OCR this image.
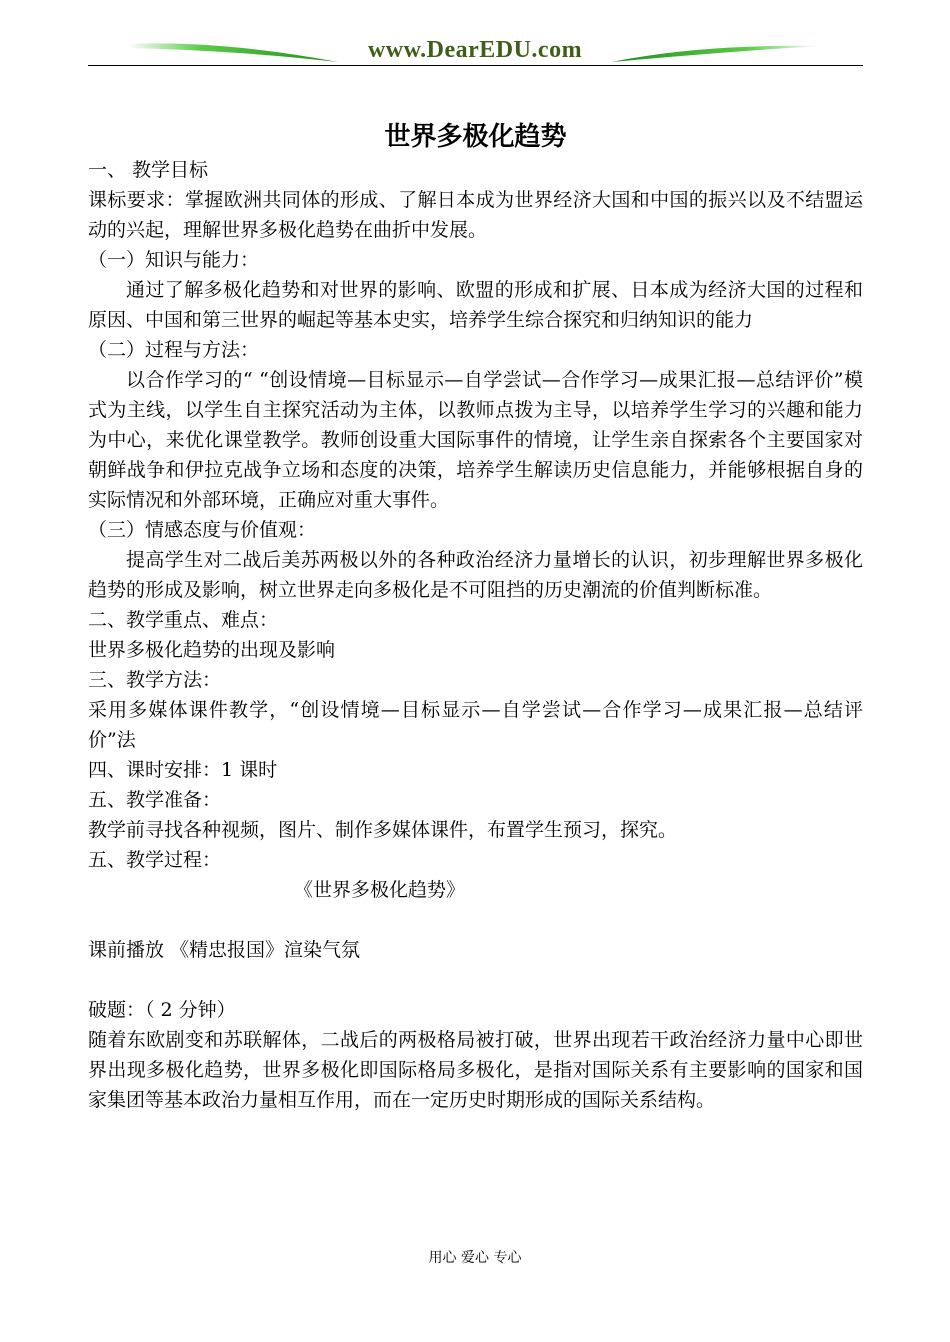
www.DearEDU.com
世界多极化趋势

一、 教学目标

课标要求：掌握欧洲共同体的形成、了解日本成为世界经济大国和中国的振兴以及不结盟运动的兴起，理解世界多极化趋势在曲折中发展。

（一）知识与能力：

通过了解多极化趋势和对世界的影响、欧盟的形成和扩展、日本成为经济大国的过程和原因、中国和第三世界的崛起等基本史实，培养学生综合探究和归纳知识的能力

（二）过程与方法：

以合作学习的“ “创设情境—目标显示—自学尝试—合作学习—成果汇报—总结评价”模式为主线，以学生自主探究活动为主体，以教师点拨为主导，以培养学生学习的兴趣和能力为中心，来优化课堂教学。教师创设重大国际事件的情境，让学生亲自探索各个主要国家对朝鲜战争和伊拉克战争立场和态度的决策，培养学生解读历史信息能力，并能够根据自身的实际情况和外部环境，正确应对重大事件。

（三）情感态度与价值观：

提高学生对二战后美苏两极以外的各种政治经济力量增长的认识，初步理解世界多极化趋势的形成及影响，树立世界走向多极化是不可阻挡的历史潮流的价值判断标准。

二、教学重点、难点：

世界多极化趋势的出现及影响

三、教学方法：

采用多媒体课件教学，“创设情境—目标显示—自学尝试—合作学习—成果汇报—总结评价”法

四、课时安排：1 课时

五、教学准备：

教学前寻找各种视频，图片、制作多媒体课件，布置学生预习，探究。

五、教学过程：

《世界多极化趋势》

课前播放 《精忠报国》渲染气氛

破题：（ 2 分钟）

随着东欧剧变和苏联解体，二战后的两极格局被打破，世界出现若干政治经济力量中心即世界出现多极化趋势，世界多极化即国际格局多极化，是指对国际关系有主要影响的国家和国家集团等基本政治力量相互作用，而在一定历史时期形成的国际关系结构。

用心 爱心 专心
